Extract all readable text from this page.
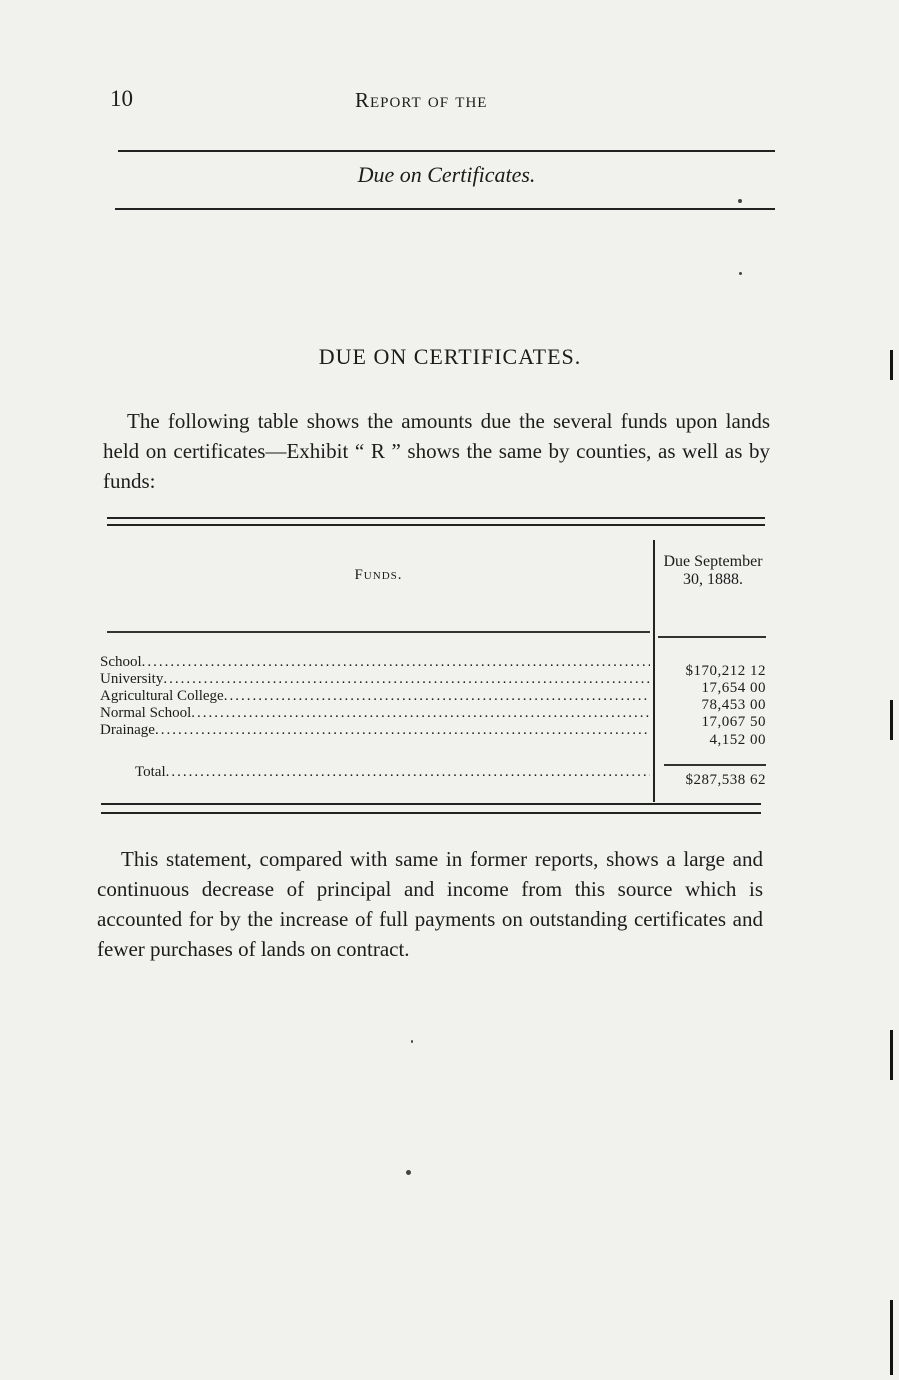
10	Report of the
Due on Certificates.
DUE ON CERTIFICATES.
The following table shows the amounts due the several funds upon lands held on certificates—Exhibit “ R ” shows the same by counties, as well as by funds:
Funds.
Due September 30, 1888.
School
.....
University
.....
Agricultural College
.....
Normal School
.....
Drainage
.....
$170,212 12
17,654 00
78,453 00
17,067 50
4,152 00
Total
.....	$287,538 62
This statement, compared with same in former reports, shows a large and continuous decrease of principal and income from this source which is accounted for by the increase of full payments on outstanding certificates and fewer purchases of lands on contract.
